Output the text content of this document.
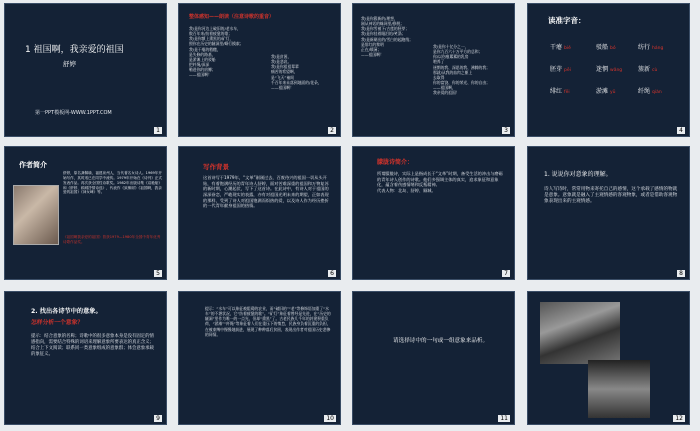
1 祖国啊，我亲爱的祖国
舒婷
第一PPT模板网-WWW.1PPT.COM
1
整体感知——朗读（注意诗歌的重音）
我/是你河边上破旧的/老水车，
数百年来/纺着疲惫的歌；
我/是你额上熏黑的/矿灯，
照你在历史的隧洞里/蜗行摸索；
我/是干瘪的稻穗，
是失修的路基，
是淤滩上的驳船
把纤绳/深深
勒进你的肩膊；
——祖国啊！
我/是贫困，
我/是悲哀。
我/是你祖祖辈辈
痛苦的希望啊，
是“飞天”袖间
千百年来未落到地面的/花朵，
——祖国啊！
2
我/是你簇新的/理想，
刚从神话的蛛网里/挣脱；
我/是你雪被下/古莲的胚芽；
我/是你挂着眼泪的/笑涡；
我/是新刷出的/雪白的起跑线；
是绯红的黎明
正在/喷薄；
——祖国啊！
我/是你十亿分之一，
是你九百六十万平方的总和；
你/以伤痕累累的乳房
喂养了
迷惘的我、深思的我、沸腾的我；
那就/从我的血肉之躯上
去取得
你的富饶、你的荣光、你的自由；
——祖国啊，
我亲爱的祖国！
3
读准字音：
干瘪 biě	驳船 bó	纺行 háng
胚芽 pēi	迷惘 wǎng	簇新 cù
绯红 fēi	淤滩 yū	纤绳 qiàn
4
作者简介
舒婷，原名龚佩瑜，福建泉州人，当代著名女诗人。1969年开始写作，其时适已在同学中流传。1979年开始在《诗刊》正式发表作品。再次获全国性诗歌奖。1982年出版诗集《双桅船》和《舒婷、顾城抒情诗选》，代表作《致橡树》《祖国啊，我亲爱的祖国》《神女峰》等。
《祖国啊我亲爱的祖国》曾获1979—1980年全国中青年优秀诗歌作品奖。
5
写作背景
这首诗写于1979年，“文革”刚刚过去，百废待兴的祖国一切从头开始，有着饱满经历的青年诗人舒婷，面对苦难深重的祖国和万物复苏的新时期，心潮起伏，写下了这首诗。在此诗中，有诗人对于祖国的深深眷恋，严峻现实的表露，亦有对祖国光明未来的期望，正如表现的那样，受到了诗人对祖国饱满而炽热的爱，以及诗人作为经历挫折的一代青年献身祖国的热情。
6
朦胧诗简介：
所谓朦胧诗，实际上是指成长于“文革”时期，备受生活的冲击与磨砺的青年诗人创作的诗歌。他们多强调主体的真实，追求象征和意象化，蕴含着伤感情绪和反叛精神。
代表人物：北岛、舒婷、顾城。
7
1. 说说你对意象的理解。
诗人写诗时，常常用物来寄托自己的感情，这个承载了感情的物就是意象。意象就是融入了主观情感的客观物象，或者是借助客观物象表现出来的主观情感。
8
2. 找出各诗节中的意象。
怎样分析一个意象？
提示：结合意象的名称；诗歌中的很多意象本身是没有固定的情感指向，需要结合特殊的词语来理解意象所要表达的真正含义；结合上下文阅读；联系同一类意象组成的意象群；体会意象承载的象征义。
9
提示：“水车”可以象征被阻碍的农业，而“破旧的”“老”等修饰语加重了“水车”的不堪状况，它“纺着疲惫的歌”。“矿灯”象征着曾经是先进，在“历史的隧洞”里作为唯一的一点光，但却“熏黑”了。古老民族几千年的封建积重负荷，“淤滩”“纤绳”等象征着人们在重压下的惰怠，民族身负着沉重的负担，在被束缚中慢慢地前进，展现了种种落后贫困，表现出作者对祖国历史悲惨的同情。
10
请选择诗中的一句或一组意象来品析。
11	12
